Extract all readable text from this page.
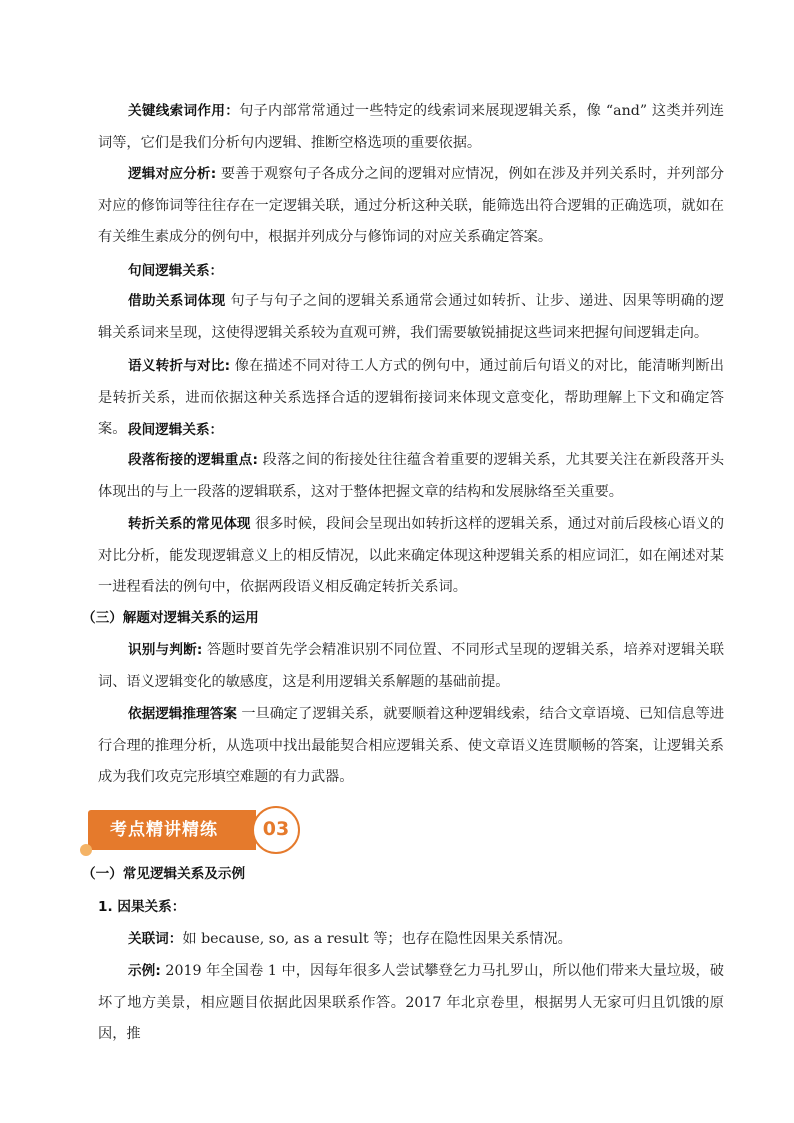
关键线索词作用：句子内部常常通过一些特定的线索词来展现逻辑关系，像 “and” 这类并列连词等，它们是我们分析句内逻辑、推断空格选项的重要依据。

逻辑对应分析: 要善于观察句子各成分之间的逻辑对应情况，例如在涉及并列关系时，并列部分对应的修饰词等往往存在一定逻辑关联，通过分析这种关联，能筛选出符合逻辑的正确选项，就如在有关维生素成分的例句中，根据并列成分与修饰词的对应关系确定答案。

句间逻辑关系：

借助关系词体现 句子与句子之间的逻辑关系通常会通过如转折、让步、递进、因果等明确的逻辑关系词来呈现，这使得逻辑关系较为直观可辨，我们需要敏锐捕捉这些词来把握句间逻辑走向。

语义转折与对比: 像在描述不同对待工人方式的例句中，通过前后句语义的对比，能清晰判断出是转折关系，进而依据这种关系选择合适的逻辑衔接词来体现文意变化，帮助理解上下文和确定答案。 段间逻辑关系：

段落衔接的逻辑重点: 段落之间的衔接处往往蕴含着重要的逻辑关系，尤其要关注在新段落开头体现出的与上一段落的逻辑联系，这对于整体把握文章的结构和发展脉络至关重要。

转折关系的常见体现 很多时候，段间会呈现出如转折这样的逻辑关系，通过对前后段核心语义的对比分析，能发现逻辑意义上的相反情况，以此来确定体现这种逻辑关系的相应词汇，如在阐述对某一进程看法的例句中，依据两段语义相反确定转折关系词。

（三）解题对逻辑关系的运用

识别与判断: 答题时要首先学会精准识别不同位置、不同形式呈现的逻辑关系，培养对逻辑关联词、语义逻辑变化的敏感度，这是利用逻辑关系解题的基础前提。

依据逻辑推理答案 一旦确定了逻辑关系，就要顺着这种逻辑线索，结合文章语境、已知信息等进行合理的推理分析，从选项中找出最能契合相应逻辑关系、使文章语义连贯顺畅的答案，让逻辑关系成为我们攻克完形填空难题的有力武器。

考点精讲精练	03
（一）常见逻辑关系及示例
1. 因果关系：

关联词：如 because, so, as a result 等；也存在隐性因果关系情况。

示例: 2019 年全国卷 1 中，因每年很多人尝试攀登乞力马扎罗山，所以他们带来大量垃圾，破坏了地方美景，相应题目依据此因果联系作答。2017 年北京卷里，根据男人无家可归且饥饿的原因，推
